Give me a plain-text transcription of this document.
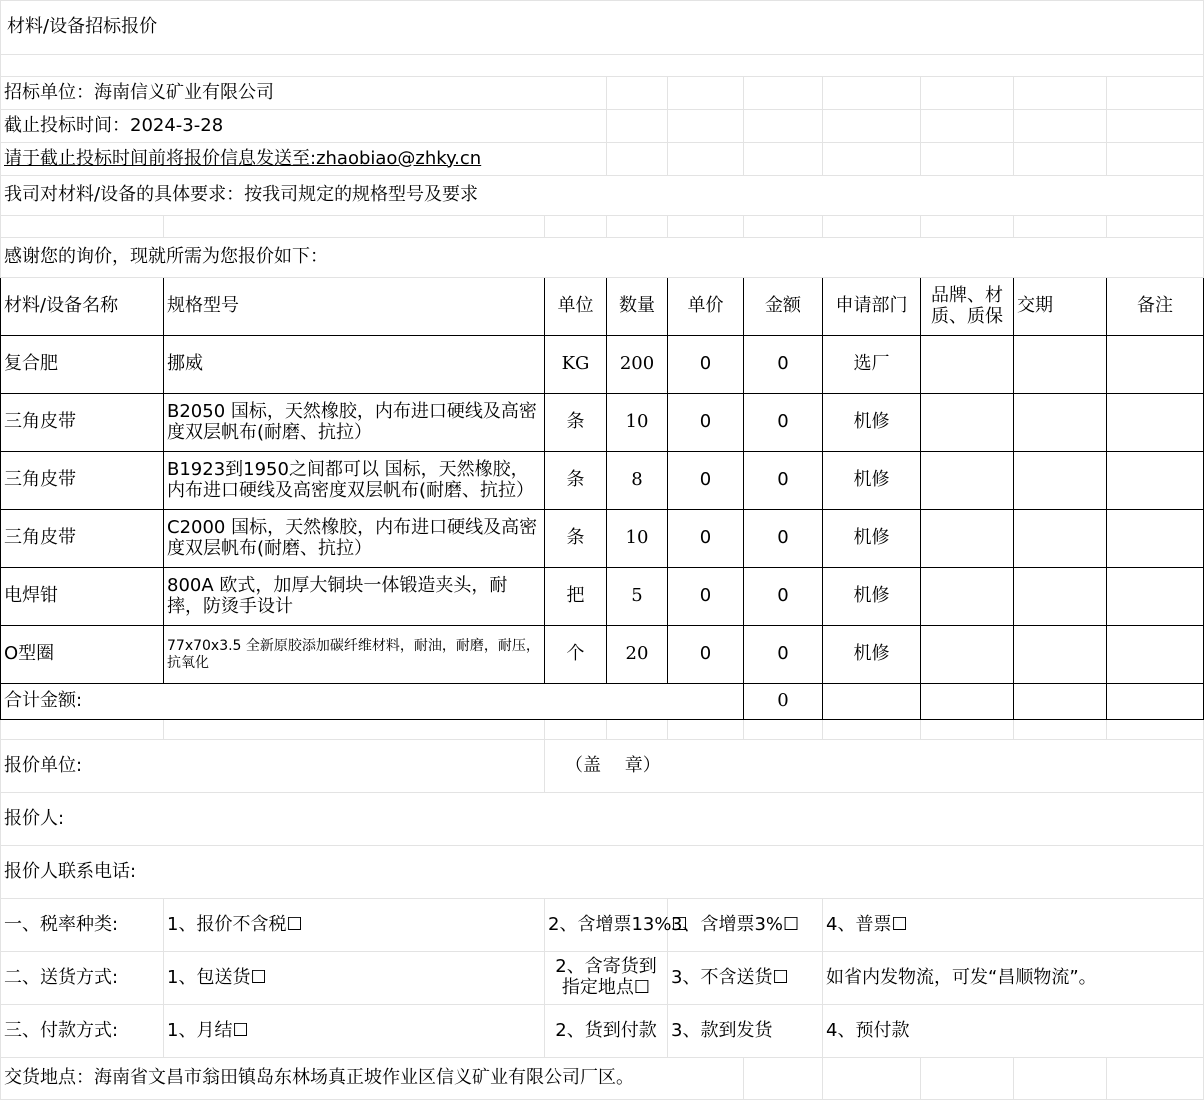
材料/设备招标报价									

招标单位：海南信义矿业有限公司									
截止投标时间：2024-3-28									
请于截止投标时间前将报价信息发送至:zhaobiao@zhky.cn									
我司对材料/设备的具体要求：按我司规定的规格型号及要求									

感谢您的询价，现就所需为您报价如下：									
材料/设备名称	规格型号	单位	数量	单价	金额	申请部门	品牌、材质、质保	交期	备注
复合肥	挪威	KG	200	0	0	选厂			
三角皮带	B2050 国标，天然橡胶，内布进口硬线及高密度双层帆布(耐磨、抗拉）	条	10	0	0	机修			
三角皮带	B1923到1950之间都可以 国标，天然橡胶，内布进口硬线及高密度双层帆布(耐磨、抗拉）	条	8	0	0	机修			
三角皮带	C2000 国标，天然橡胶，内布进口硬线及高密度双层帆布(耐磨、抗拉）	条	10	0	0	机修			
电焊钳	800A 欧式，加厚大铜块一体锻造夹头，耐摔，防烫手设计	把	5	0	0	机修			
O型圈	77x70x3.5 全新原胶添加碳纤维材料，耐油，耐磨，耐压，抗氧化	个	20	0	0	机修			
合计金额:					0				

报价单位:		（盖　 章）							
报价人:									
报价人联系电话:									
一、税率种类:	1、报价不含税☐	2、含增票13%☐		3、含增票3%☐		4、普票☐			
二、送货方式:	1、包送货☐	2、含寄货到指定地点☐		3、不含送货☐		如省内发物流，可发“昌顺物流”。			
三、付款方式:	1、月结☐	2、货到付款		3、款到发货		4、预付款			
交货地点：海南省文昌市翁田镇岛东林场真正坡作业区信义矿业有限公司厂区。									
